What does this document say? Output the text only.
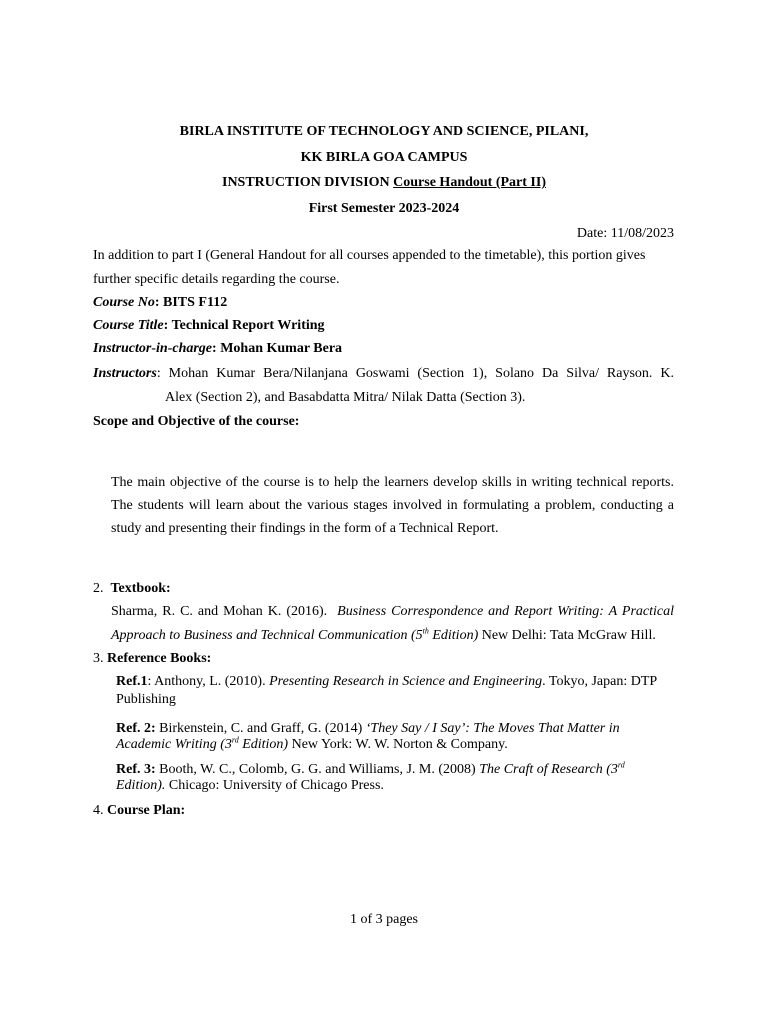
BIRLA INSTITUTE OF TECHNOLOGY AND SCIENCE, PILANI,
KK BIRLA GOA CAMPUS
INSTRUCTION DIVISION Course Handout (Part II)
First Semester 2023-2024
Date: 11/08/2023
In addition to part I (General Handout for all courses appended to the timetable), this portion gives
further specific details regarding the course.
Course No: BITS F112
Course Title: Technical Report Writing
Instructor-in-charge: Mohan Kumar Bera
Instructors: Mohan Kumar Bera/Nilanjana Goswami (Section 1), Solano Da Silva/ Rayson. K.
Alex (Section 2), and Basabdatta Mitra/ Nilak Datta (Section 3).
Scope and Objective of the course:
The main objective of the course is to help the learners develop skills in writing technical reports.
The students will learn about the various stages involved in formulating a problem, conducting a
study and presenting their findings in the form of a Technical Report.
2. Textbook:
Sharma, R. C. and Mohan K. (2016). Business Correspondence and Report Writing: A Practical
Approach to Business and Technical Communication (5th Edition) New Delhi: Tata McGraw Hill.
3. Reference Books:
Ref.1: Anthony, L. (2010). Presenting Research in Science and Engineering. Tokyo, Japan: DTP
Publishing
Ref. 2: Birkenstein, C. and Graff, G. (2014) ‘They Say / I Say’: The Moves That Matter in
Academic Writing (3rd Edition) New York: W. W. Norton & Company.
Ref. 3: Booth, W. C., Colomb, G. G. and Williams, J. M. (2008) The Craft of Research (3rd
Edition). Chicago: University of Chicago Press.
4. Course Plan:
1 of 3 pages
